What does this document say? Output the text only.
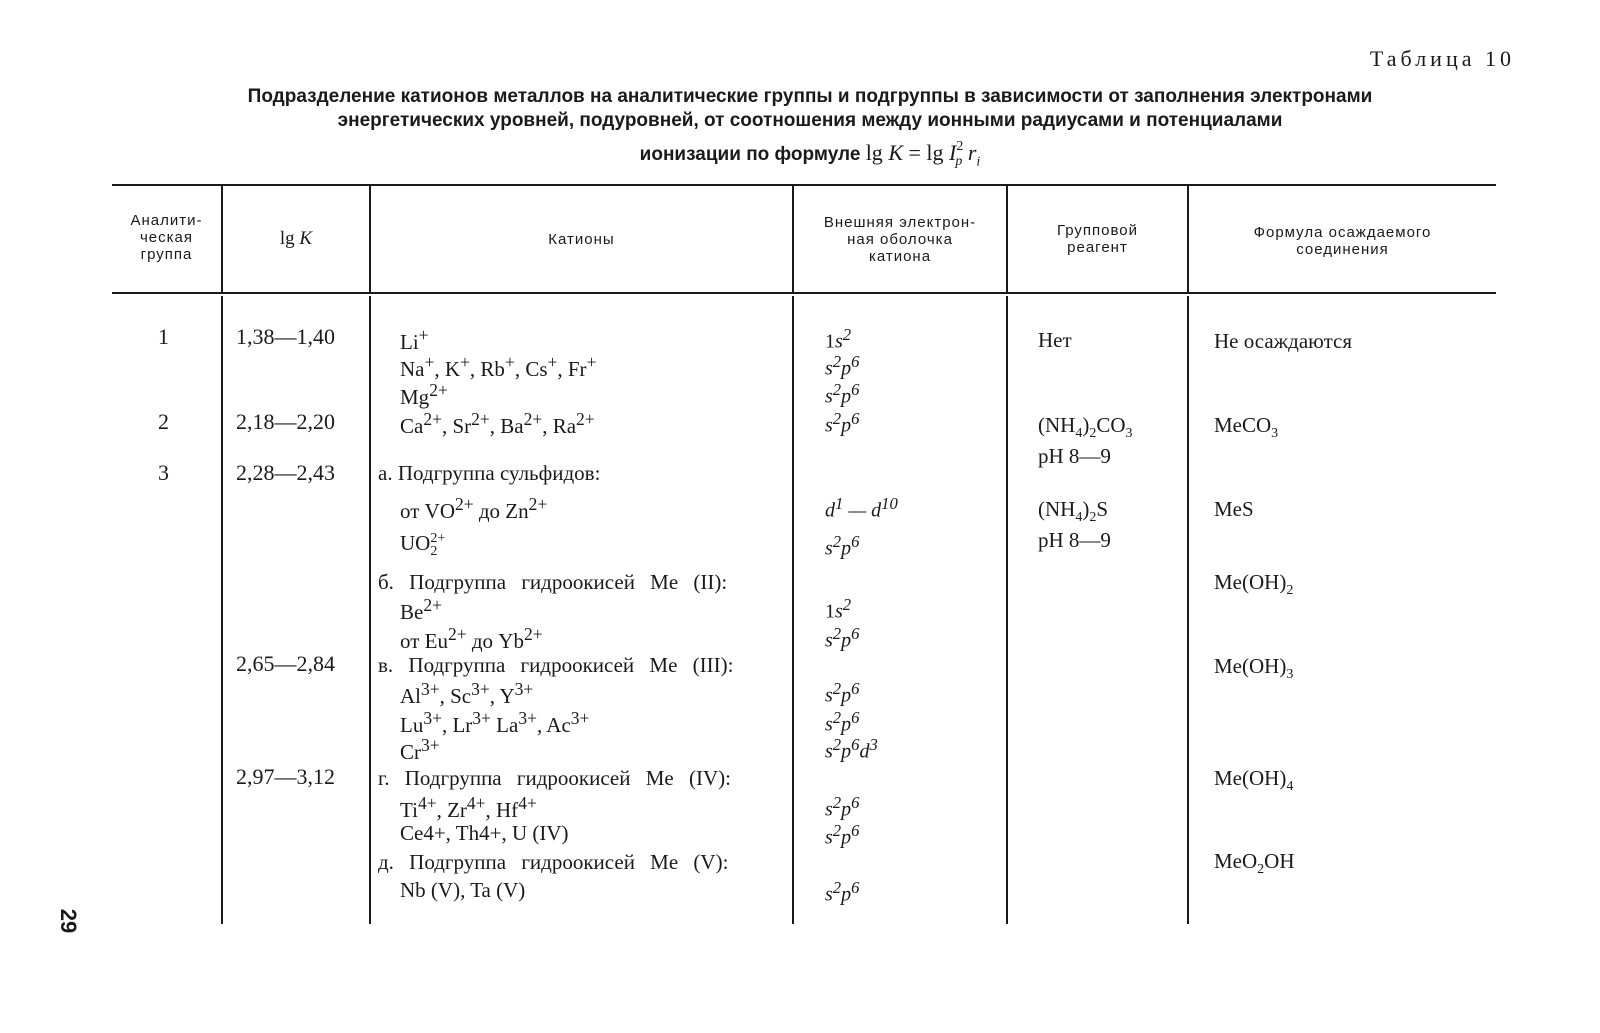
Таблица 10
Подразделение катионов металлов на аналитические группы и подгруппы в зависимости от заполнения электронами
энергетических уровней, подуровней, от соотношения между ионными радиусами и потенциалами
ионизации по формуле $\lg K = \lg I^2_p$ $r_i$
Аналити-
ческая
группа
lg K	Катионы
Внешняя электрон-
ная оболочка
катиона
Групповой
реагент
Формула осаждаемого
соединения
1
2
3
1,38—1,40
2,18—2,20
2,28—2,43
2,65—2,84
2,97—3,12
Li+
Na+, K+, Rb+, Cs+, Fr+
$Mg^{2+}$
$Ca^{2+}$, $Sr^{2+}$, $Ba^{2+}$, $Ra^{2+}$
а. Подгруппа сульфидов:
от $VO^{2+}$ до $Zn^{2+}$
$UO_2^{2+}$
б. Подгруппа гидроокисей Me (II):
$Be^{2+}$
от $Eu^{2+}$ до $Yb^{2+}$
в. Подгруппа гидроокисей Me (III):
$Al^{3+}$, $Sc^{3+}$, $Y^{3+}$
$Lu^{3+}$, $Lr^{3+}$ $La^{3+}$, $Ac^{3+}$
$Cr^{3+}$
г. Подгруппа гидроокисей Me (IV):
$Ti^{4+}$, $Zr^{4+}$, $Hf^{4+}$
Ce4+, Th4+, U (IV)
д. Подгруппа гидроокисей Me (V):
Nb (V), Ta (V)
$1s^2$
$s^2p^6$
$s^2p^6$
$s^2p^6$
$d^1$ — $d^{10}$
$s^2p^6$
$1s^2$
$s^2p^6$
$s^2p^6$
$s^2p^6$
$s^2p^6d^3$
$s^2p^6$
$s^2p^6$
$s^2p^6$
Нет
$(NH_4)_2CO_3$
pH 8—9
$(NH_4)_2S$
pH 8—9
Не осаждаются
MeCO$_3$
MeS
$Me(OH)_2$
$Me(OH)_3$
$Me(OH)_4$
MeO$_2$OH
29
